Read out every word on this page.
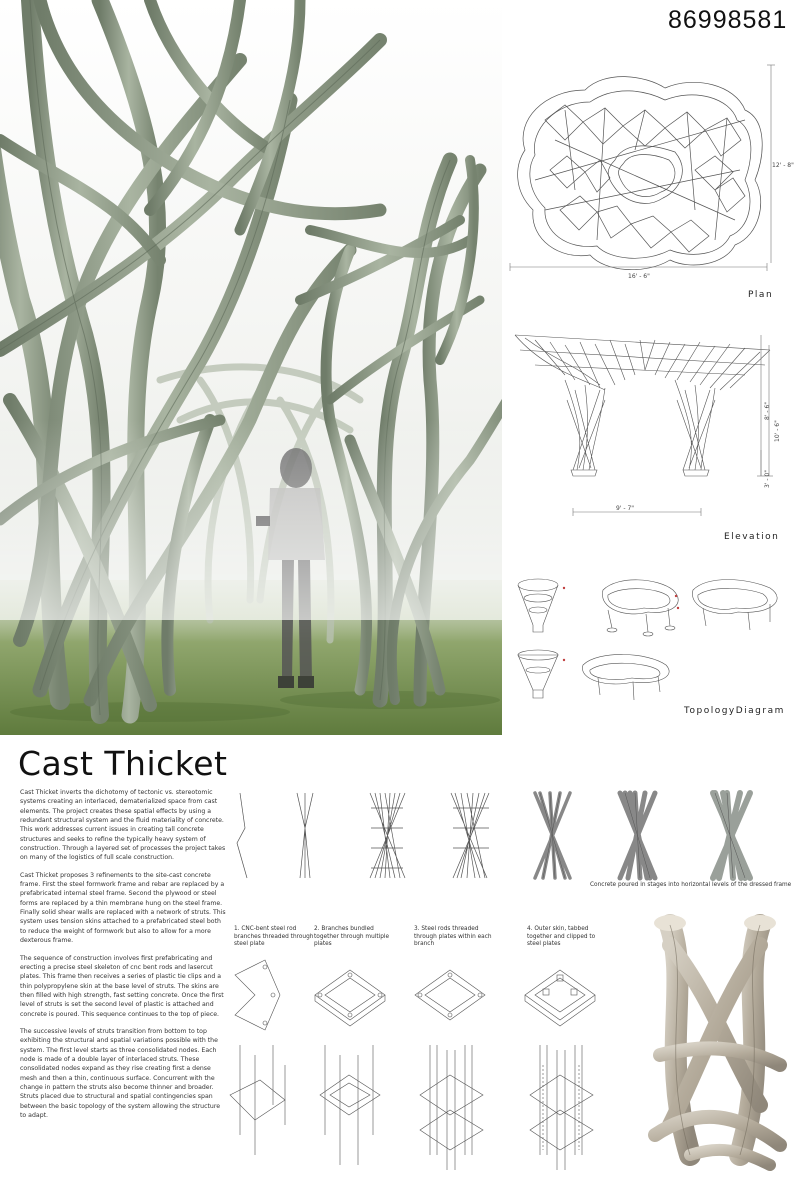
86998581
16' - 6"
12' - 8"
Plan
9' - 7"
8' - 6"
10' - 6"
3' - 0"
Elevation
TopologyDiagram
Cast Thicket

Cast Thicket inverts the dichotomy of tectonic vs. stereotomic systems creating an interlaced, dematerialized space from cast elements. The project creates these spatial effects by using a redundant structural system and the fluid materiality of concrete. This work addresses current issues in creating tall concrete structures and seeks to refine the typically heavy system of construction. Through a layered set of processes the project takes on many of the logistics of full scale construction.

Cast Thicket proposes 3 refinements to the site-cast concrete frame. First the steel formwork frame and rebar are replaced by a prefabricated internal steel frame. Second the plywood or steel forms are replaced by a thin membrane hung on the steel frame. Finally solid shear walls are replaced with a network of struts. This system uses tension skins attached to a prefabricated steel both to reduce the weight of formwork but also to allow for a more dexterous frame.

The sequence of construction involves first prefabricating and erecting a precise steel skeleton of cnc bent rods and lasercut plates. This frame then receives a series of plastic tie clips and a thin polypropylene skin at the base level of struts. The skins are then filled with high strength, fast setting concrete. Once the first level of struts is set the second level of plastic is attached and concrete is poured. This sequence continues to the top of piece.

The successive levels of struts transition from bottom to top exhibiting the structural and spatial variations possible with the system. The first level starts as three consolidated nodes. Each node is made of a double layer of interlaced struts. These consolidated nodes expand as they rise creating first a dense mesh and then a thin, continuous surface. Concurrent with the change in pattern the struts also become thinner and broader. Struts placed due to structural and spatial contingencies span between the basic topology of the system allowing the structure to adapt.

Concrete poured in stages into horizontal levels of the dressed frame
1. CNC-bent steel rod branches threaded through steel plate
2. Branches bundled together through multiple plates
3. Steel rods threaded through plates within each branch
4. Outer skin, tabbed together and clipped to steel plates
